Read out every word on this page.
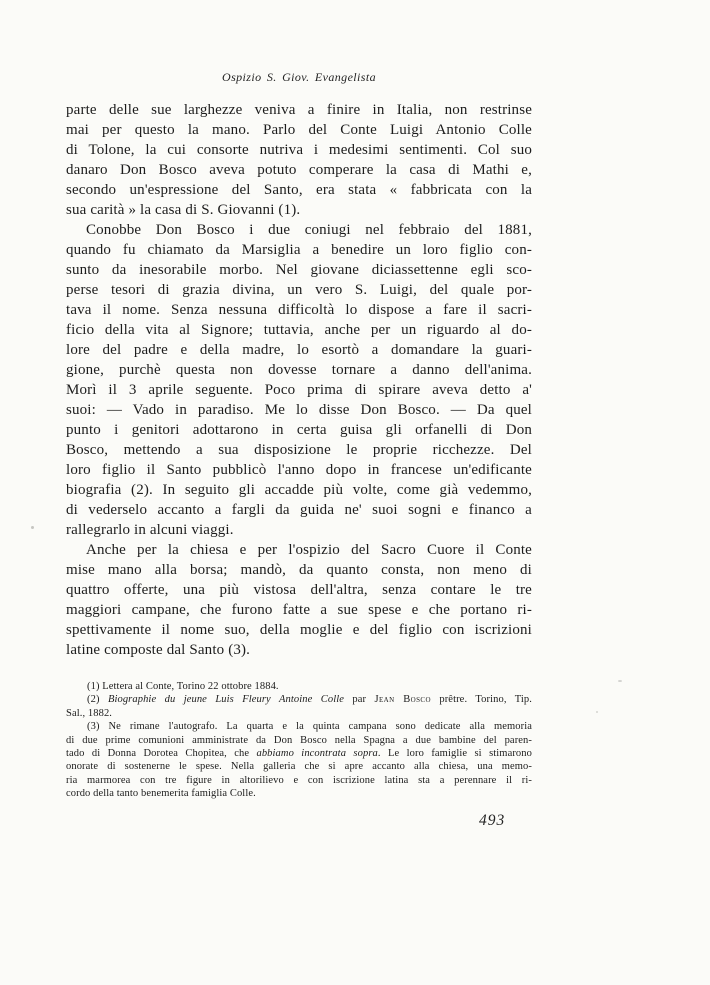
Ospizio S. Giov. Evangelista
parte delle sue larghezze veniva a finire in Italia, non restrinse
mai per questo la mano. Parlo del Conte Luigi Antonio Colle
di Tolone, la cui consorte nutriva i medesimi sentimenti. Col suo
danaro Don Bosco aveva potuto comperare la casa di Mathi e,
secondo un'espressione del Santo, era stata « fabbricata con la
sua carità » la casa di S. Giovanni (1).
Conobbe Don Bosco i due coniugi nel febbraio del 1881,
quando fu chiamato da Marsiglia a benedire un loro figlio con-
sunto da inesorabile morbo. Nel giovane diciassettenne egli sco-
perse tesori di grazia divina, un vero S. Luigi, del quale por-
tava il nome. Senza nessuna difficoltà lo dispose a fare il sacri-
ficio della vita al Signore; tuttavia, anche per un riguardo al do-
lore del padre e della madre, lo esortò a domandare la guari-
gione, purchè questa non dovesse tornare a danno dell'anima.
Morì il 3 aprile seguente. Poco prima di spirare aveva detto a'
suoi: — Vado in paradiso. Me lo disse Don Bosco. — Da quel
punto i genitori adottarono in certa guisa gli orfanelli di Don
Bosco, mettendo a sua disposizione le proprie ricchezze. Del
loro figlio il Santo pubblicò l'anno dopo in francese un'edificante
biografia (2). In seguito gli accadde più volte, come già vedemmo,
di vederselo accanto a fargli da guida ne' suoi sogni e financo a
rallegrarlo in alcuni viaggi.
Anche per la chiesa e per l'ospizio del Sacro Cuore il Conte
mise mano alla borsa; mandò, da quanto consta, non meno di
quattro offerte, una più vistosa dell'altra, senza contare le tre
maggiori campane, che furono fatte a sue spese e che portano ri-
spettivamente il nome suo, della moglie e del figlio con iscrizioni
latine composte dal Santo (3).
(1) Lettera al Conte, Torino 22 ottobre 1884.
(2) Biographie du jeune Luis Fleury Antoine Colle par Jean Bosco prêtre. Torino, Tip.
Sal., 1882.
(3) Ne rimane l'autografo. La quarta e la quinta campana sono dedicate alla memoria
di due prime comunioni amministrate da Don Bosco nella Spagna a due bambine del paren-
tado di Donna Dorotea Chopitea, che abbiamo incontrata sopra. Le loro famiglie si stimarono
onorate di sostenerne le spese. Nella galleria che si apre accanto alla chiesa, una memo-
ria marmorea con tre figure in altorilievo e con iscrizione latina sta a perennare il ri-
cordo della tanto benemerita famiglia Colle.
493
